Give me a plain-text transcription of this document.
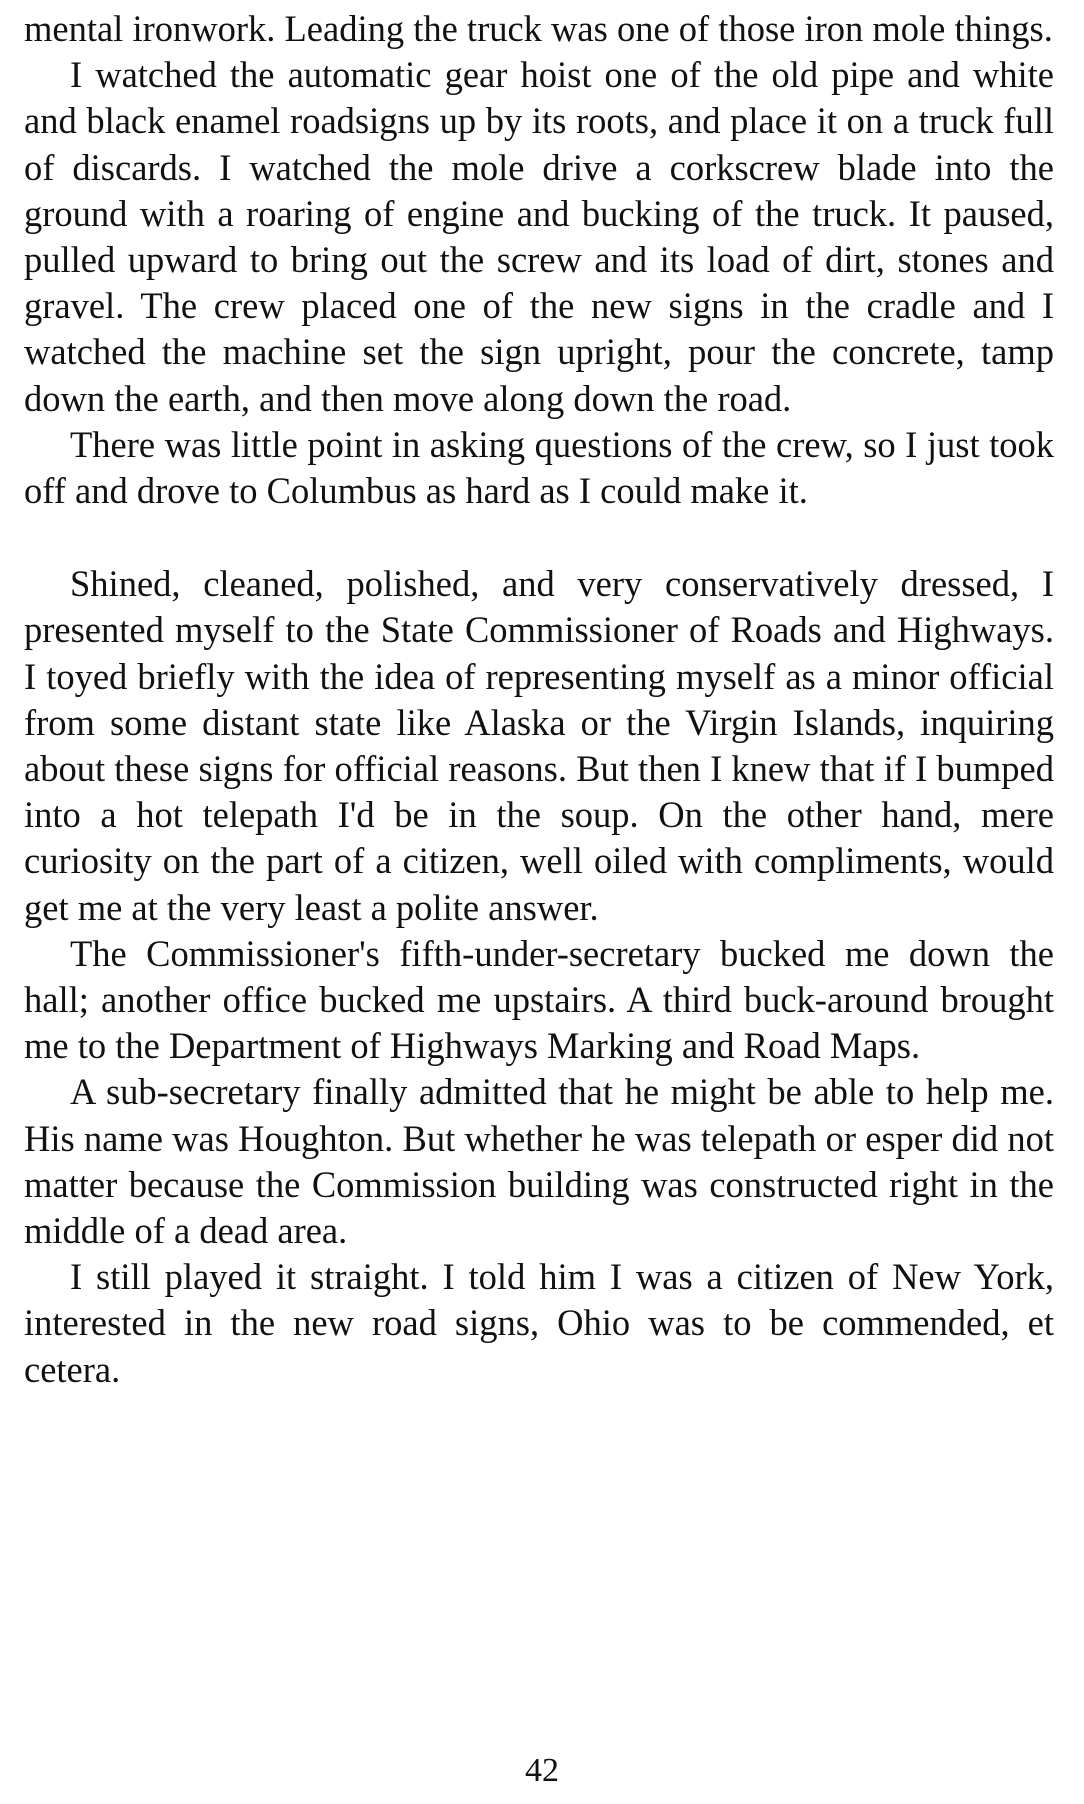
mental ironwork. Leading the truck was one of those iron mole things.

I watched the automatic gear hoist one of the old pipe and white and black enamel roadsigns up by its roots, and place it on a truck full of discards. I watched the mole drive a corkscrew blade into the ground with a roaring of engine and bucking of the truck. It paused, pulled upward to bring out the screw and its load of dirt, stones and gravel. The crew placed one of the new signs in the cradle and I watched the machine set the sign upright, pour the concrete, tamp down the earth, and then move along down the road.

There was little point in asking questions of the crew, so I just took off and drove to Columbus as hard as I could make it.

Shined, cleaned, polished, and very conservatively dressed, I presented myself to the State Commissioner of Roads and Highways. I toyed briefly with the idea of representing myself as a minor official from some distant state like Alaska or the Virgin Islands, inquiring about these signs for official reasons. But then I knew that if I bumped into a hot telepath I'd be in the soup. On the other hand, mere curiosity on the part of a citizen, well oiled with compliments, would get me at the very least a polite answer.

The Commissioner's fifth-under-secretary bucked me down the hall; another office bucked me upstairs. A third buck-around brought me to the Department of Highways Marking and Road Maps.

A sub-secretary finally admitted that he might be able to help me. His name was Houghton. But whether he was telepath or esper did not matter because the Commission building was constructed right in the middle of a dead area.

I still played it straight. I told him I was a citizen of New York, interested in the new road signs, Ohio was to be commended, et cetera.

42
